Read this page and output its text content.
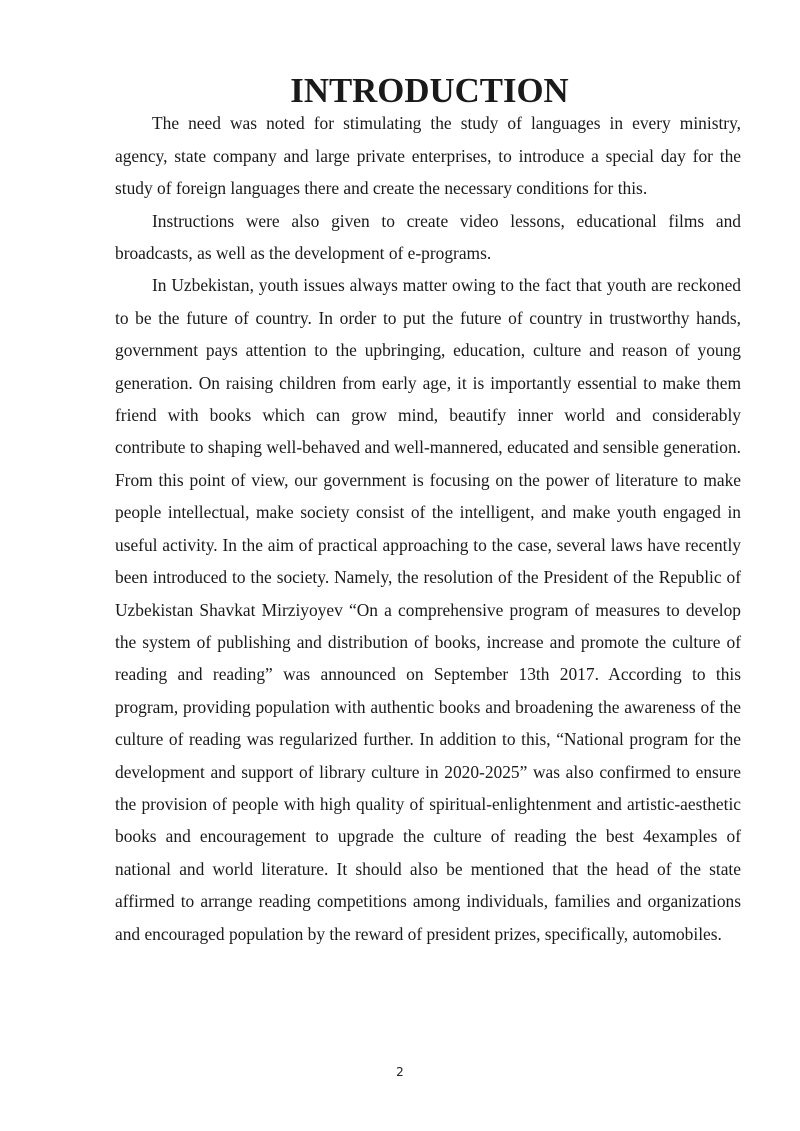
INTRODUCTION

The need was noted for stimulating the study of languages in every ministry, agency, state company and large private enterprises, to introduce a special day for the study of foreign languages there and create the necessary conditions for this.

Instructions were also given to create video lessons, educational films and broadcasts, as well as the development of e-programs.

In Uzbekistan, youth issues always matter owing to the fact that youth are reckoned to be the future of country. In order to put the future of country in trustworthy hands, government pays attention to the upbringing, education, culture and reason of young generation. On raising children from early age, it is importantly essential to make them friend with books which can grow mind, beautify inner world and considerably contribute to shaping well-behaved and well-mannered, educated and sensible generation. From this point of view, our government is focusing on the power of literature to make people intellectual, make society consist of the intelligent, and make youth engaged in useful activity. In the aim of practical approaching to the case, several laws have recently been introduced to the society. Namely, the resolution of the President of the Republic of Uzbekistan Shavkat Mirziyoyev “On a comprehensive program of measures to develop the system of publishing and distribution of books, increase and promote the culture of reading and reading” was announced on September 13th 2017. According to this program, providing population with authentic books and broadening the awareness of the culture of reading was regularized further. In addition to this, “National program for the development and support of library culture in 2020-2025” was also confirmed to ensure the provision of people with high quality of spiritual-enlightenment and artistic-aesthetic books and encouragement to upgrade the culture of reading the best 4examples of national and world literature. It should also be mentioned that the head of the state affirmed to arrange reading competitions among individuals, families and organizations and encouraged population by the reward of president prizes, specifically, automobiles.

2
